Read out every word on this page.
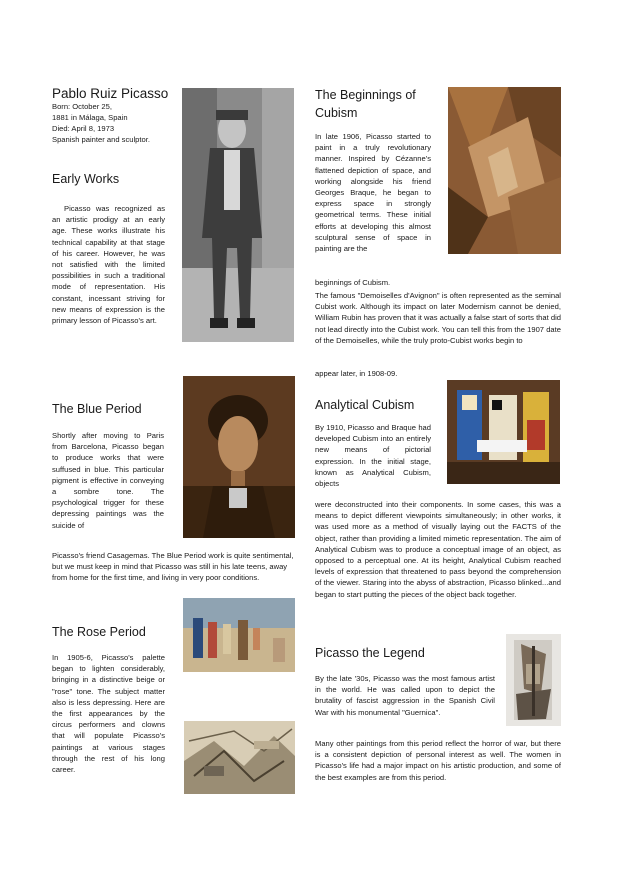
Pablo Ruiz Picasso
Born: October 25,
1881 in Málaga, Spain
Died: April 8, 1973
Spanish painter and sculptor.
Early Works
Picasso was recognized as an artistic prodigy at an early age. These works illustrate his technical capability at that stage of his career. However, he was not satisfied with the limited possibilities in such a traditional mode of representation. His constant, incessant striving for new means of expression is the primary lesson of Picasso's art.
The Blue Period
Shortly after moving to Paris from Barcelona, Picasso began to produce works that were suffused in blue. This particular pigment is effective in conveying a sombre tone. The psychological trigger for these depressing paintings was the suicide of
Picasso's friend Casagemas. The Blue Period work is quite sentimental, but we must keep in mind that Picasso was still in his late teens, away from home for the first time, and living in very poor conditions.
The Rose Period
In 1905-6, Picasso's palette began to lighten considerably, bringing in a distinctive beige or "rose" tone. The subject matter also is less depressing. Here are the first appearances by the circus performers and clowns that will populate Picasso's paintings at various stages through the rest of his long career.
The Beginnings of
Cubism
In late 1906, Picasso started to paint in a truly revolutionary manner. Inspired by Cézanne's flattened depiction of space, and working alongside his friend Georges Braque, he began to express space in strongly geometrical terms. These initial efforts at developing this almost sculptural sense of space in painting are the
beginnings of Cubism.
The famous "Demoiselles d'Avignon" is often represented as the seminal Cubist work. Although its impact on later Modernism cannot be denied, William Rubin has proven that it was actually a false start of sorts that did not lead directly into the Cubist work. You can tell this from the 1907 date of the Demoiselles, while the truly proto-Cubist works begin to
appear later, in 1908-09.
Analytical Cubism
By 1910, Picasso and Braque had developed Cubism into an entirely new means of pictorial expression. In the initial stage, known as Analytical Cubism, objects
were deconstructed into their components. In some cases, this was a means to depict different viewpoints simultaneously; in other works, it was used more as a method of visually laying out the FACTS of the object, rather than providing a limited mimetic representation. The aim of Analytical Cubism was to produce a conceptual image of an object, as opposed to a perceptual one. At its height, Analytical Cubism reached levels of expression that threatened to pass beyond the comprehension of the viewer. Staring into the abyss of abstraction, Picasso blinked...and began to start putting the pieces of the object back together.
Picasso the Legend
By the late '30s, Picasso was the most famous artist in the world. He was called upon to depict the brutality of fascist aggression in the Spanish Civil War with his monumental "Guernica".
Many other paintings from this period reflect the horror of war, but there is a consistent depiction of personal interest as well. The women in Picasso's life had a major impact on his artistic production, and some of the best examples are from this period.
